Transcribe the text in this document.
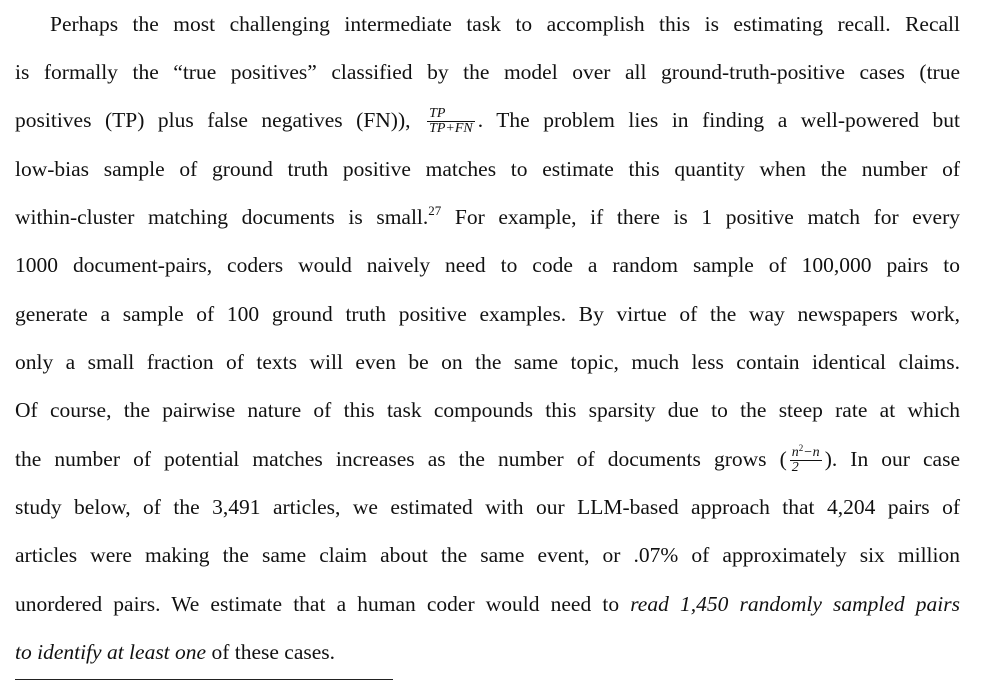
Perhaps the most challenging intermediate task to accomplish this is estimating recall. Recall
is formally the “true positives” classified by the model over all ground-truth-positive cases (true
positives (TP) plus false negatives (FN)), $\frac{TP}{TP+FN}$ . The problem lies in finding a well-powered but
low-bias sample of ground truth positive matches to estimate this quantity when the number of
within-cluster matching documents is small.$^{27}$ For example, if there is 1 positive match for every
1000 document-pairs, coders would naively need to code a random sample of 100,000 pairs to
generate a sample of 100 ground truth positive examples. By virtue of the way newspapers work,
only a small fraction of texts will even be on the same topic, much less contain identical claims.
Of course, the pairwise nature of this task compounds this sparsity due to the steep rate at which
the number of potential matches increases as the number of documents grows ( $\frac{n^2-n}{2}$ ). In our case
study below, of the 3,491 articles, we estimated with our LLM-based approach that 4,204 pairs of
articles were making the same claim about the same event, or .07% of approximately six million
unordered pairs. We estimate that a human coder would need to read 1,450 randomly sampled pairs
to identify at least one of these cases.
